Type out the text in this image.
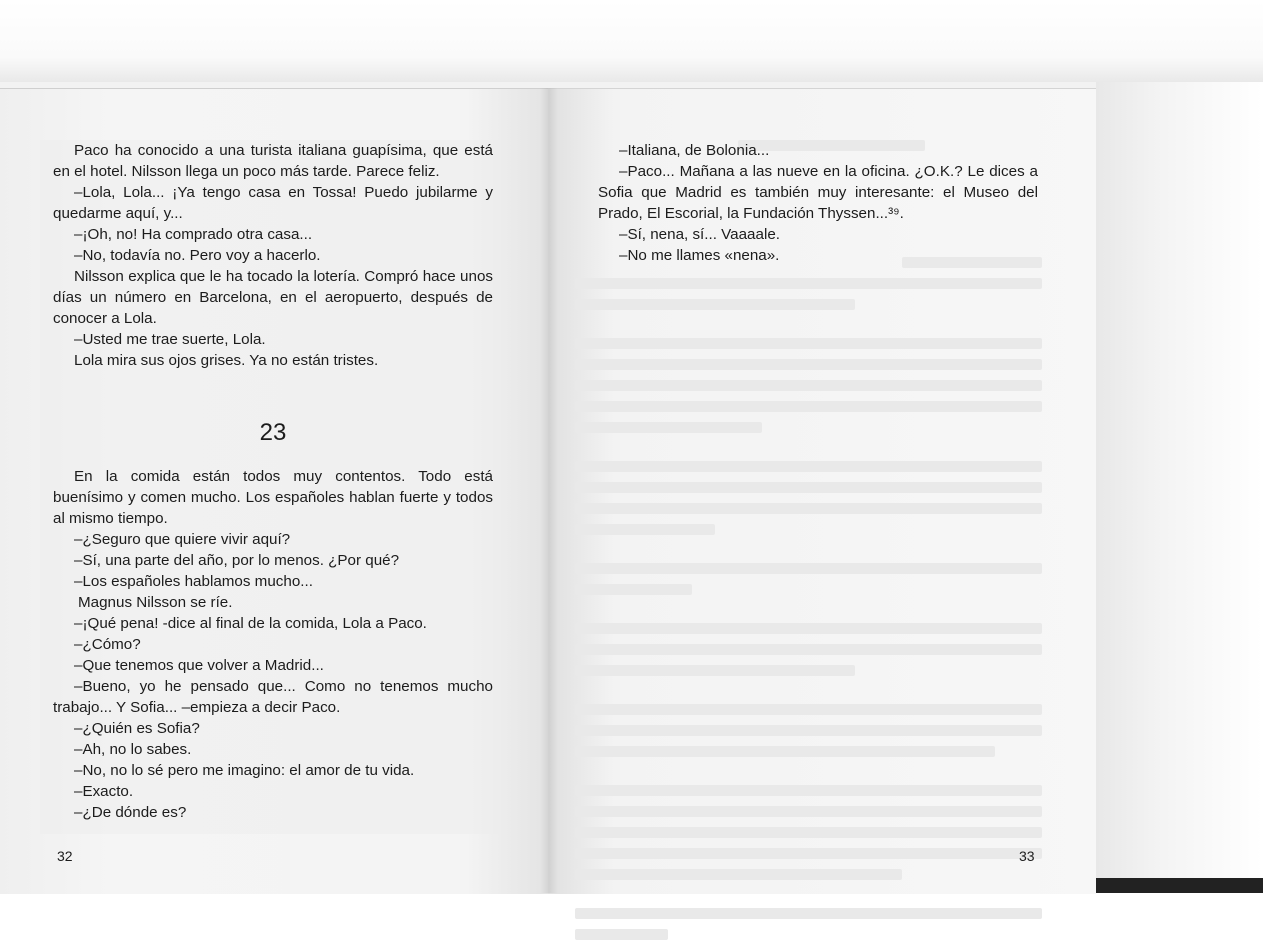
Paco ha conocido a una turista italiana guapísima, que está en el hotel. Nilsson llega un poco más tarde. Parece feliz.

–Lola, Lola... ¡Ya tengo casa en Tossa! Puedo jubilarme y quedarme aquí, y...

–¡Oh, no! Ha comprado otra casa...

–No, todavía no. Pero voy a hacerlo.

Nilsson explica que le ha tocado la lotería. Compró hace unos días un número en Barcelona, en el aeropuerto, después de conocer a Lola.

–Usted me trae suerte, Lola.

Lola mira sus ojos grises. Ya no están tristes.

23

En la comida están todos muy contentos. Todo está buenísimo y comen mucho. Los españoles hablan fuerte y todos al mismo tiempo.

–¿Seguro que quiere vivir aquí?

–Sí, una parte del año, por lo menos. ¿Por qué?

–Los españoles hablamos mucho...

Magnus Nilsson se ríe.

–¡Qué pena! -dice al final de la comida, Lola a Paco.

–¿Cómo?

–Que tenemos que volver a Madrid...

–Bueno, yo he pensado que... Como no tenemos mucho trabajo... Y Sofia... –empieza a decir Paco.

–¿Quién es Sofia?

–Ah, no lo sabes.

–No, no lo sé pero me imagino: el amor de tu vida.

–Exacto.

–¿De dónde es?

32

–Italiana, de Bolonia...

–Paco... Mañana a las nueve en la oficina. ¿O.K.? Le dices a Sofia que Madrid es también muy interesante: el Museo del Prado, El Escorial, la Fundación Thyssen...³⁹.

–Sí, nena, sí... Vaaaale.

–No me llames «nena».

33
